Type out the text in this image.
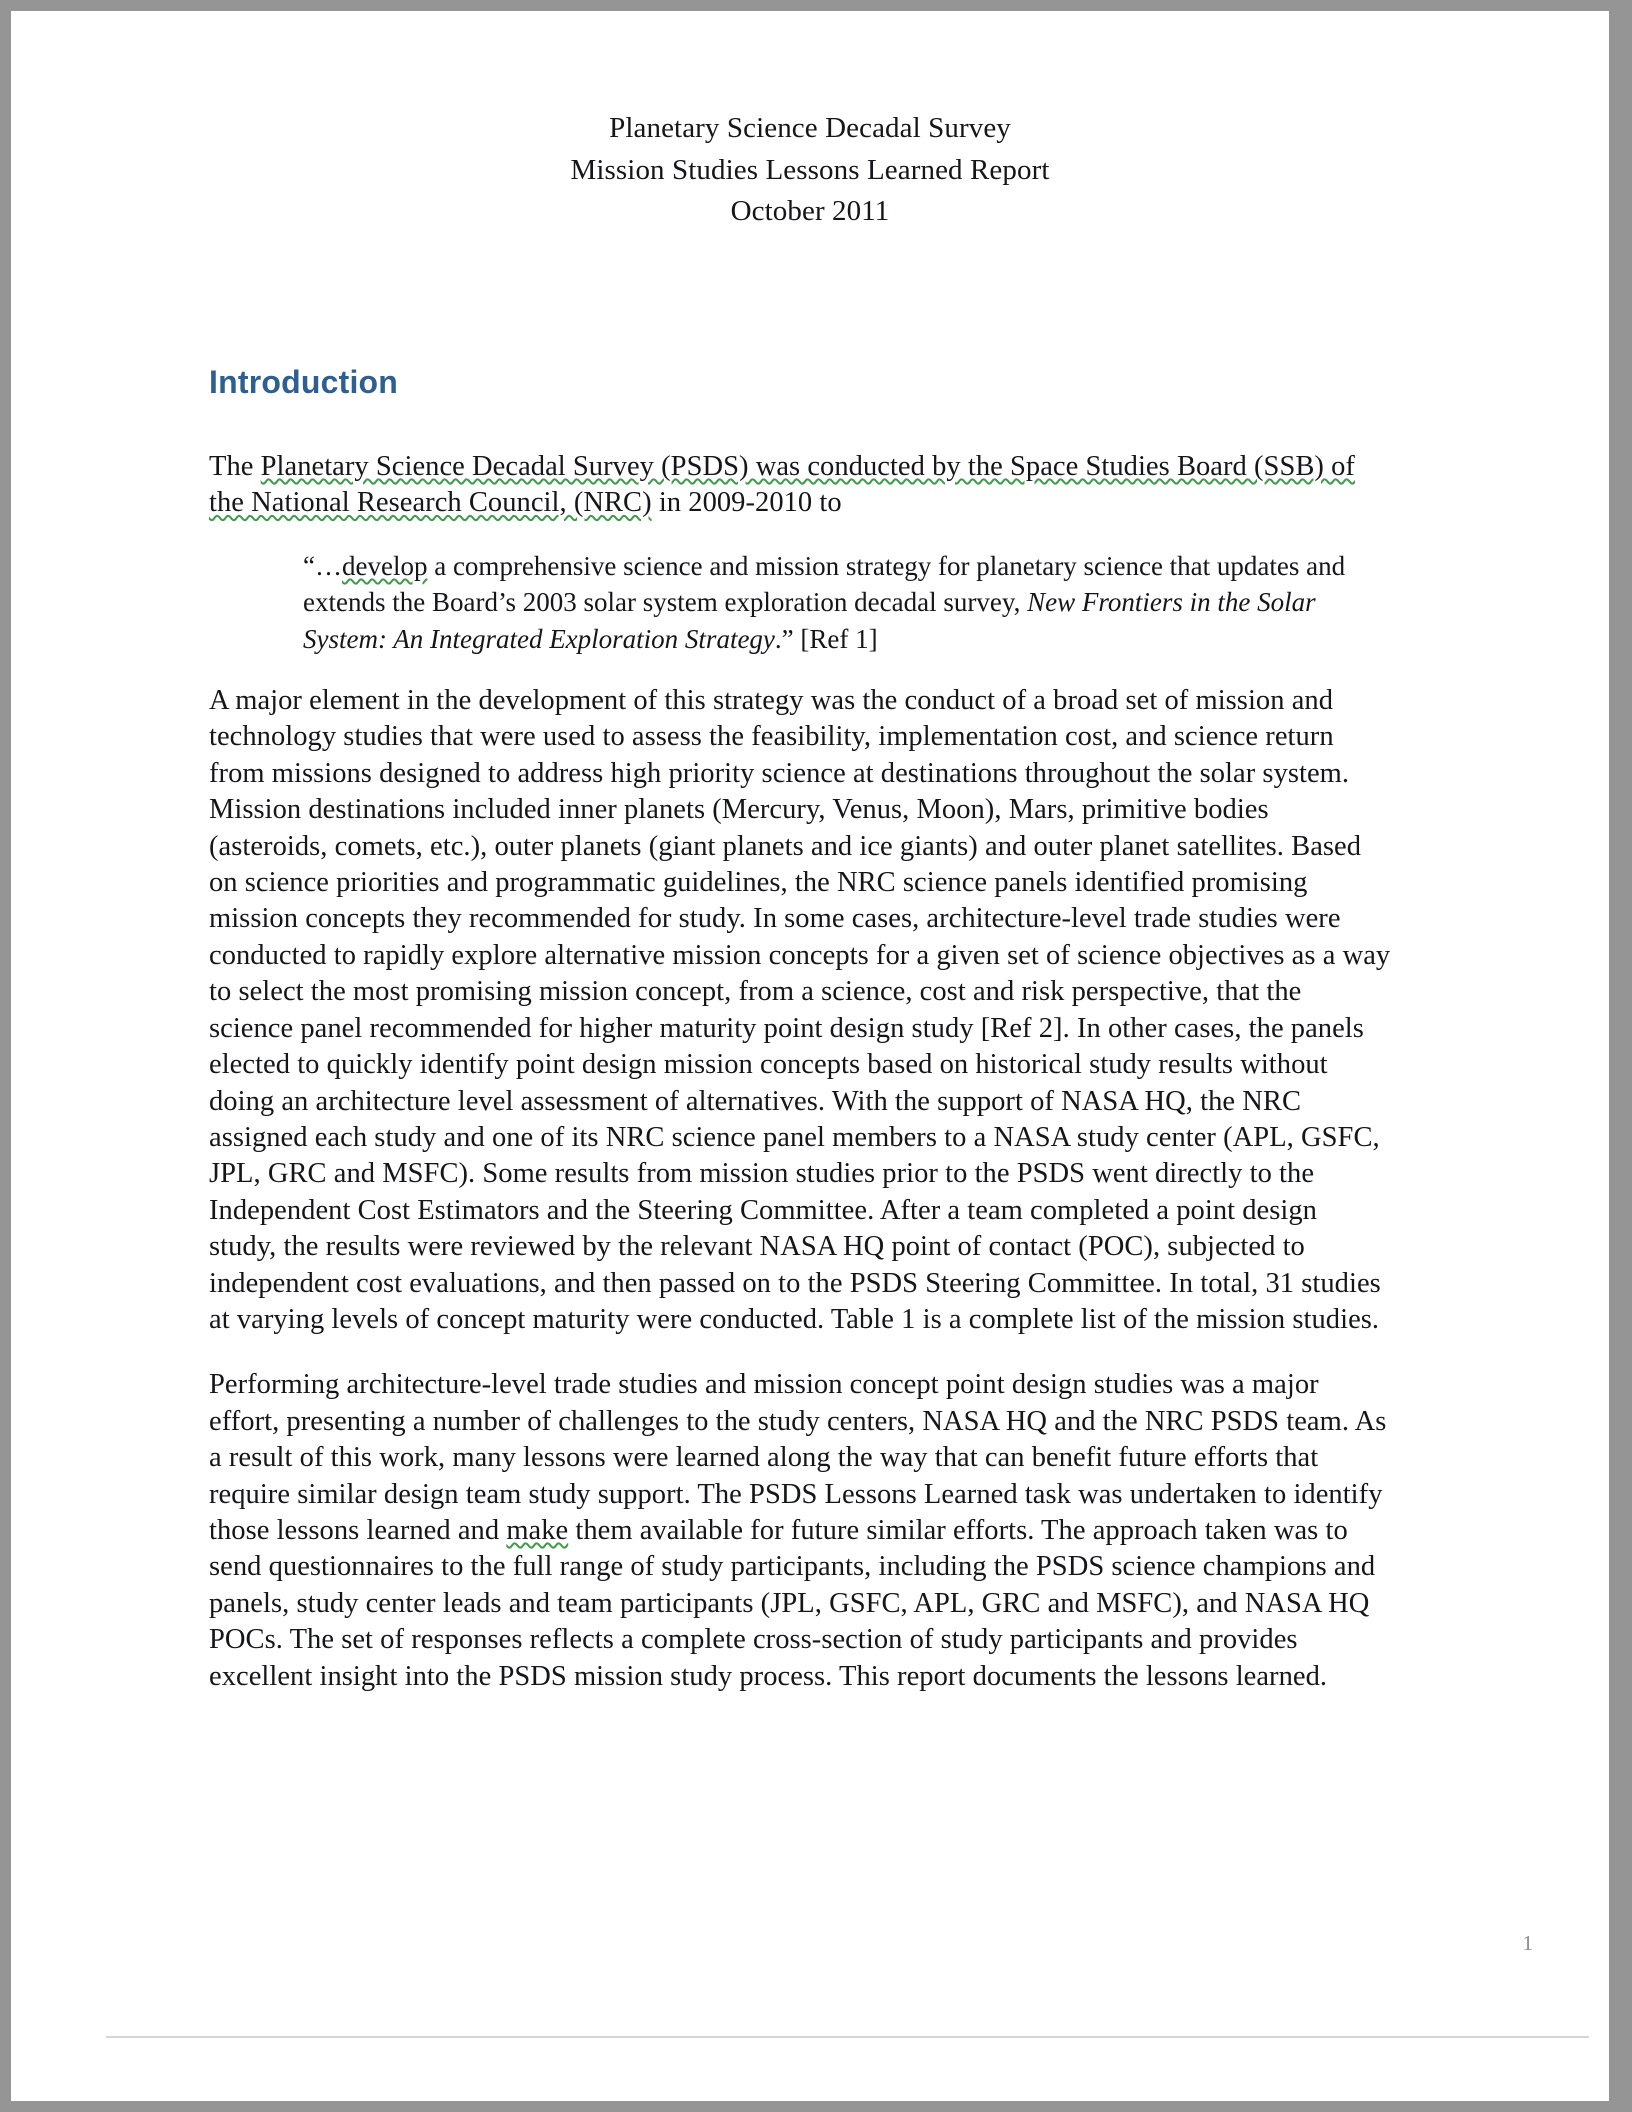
Planetary Science Decadal Survey
Mission Studies Lessons Learned Report
October 2011
Introduction

The Planetary Science Decadal Survey (PSDS) was conducted by the Space Studies Board (SSB) of the National Research Council, (NRC) in 2009-2010 to

“…develop a comprehensive science and mission strategy for planetary science that updates and extends the Board’s 2003 solar system exploration decadal survey, New Frontiers in the Solar System: An Integrated Exploration Strategy.” [Ref 1]

A major element in the development of this strategy was the conduct of a broad set of mission and technology studies that were used to assess the feasibility, implementation cost, and science return from missions designed to address high priority science at destinations throughout the solar system. Mission destinations included inner planets (Mercury, Venus, Moon), Mars, primitive bodies (asteroids, comets, etc.), outer planets (giant planets and ice giants) and outer planet satellites. Based on science priorities and programmatic guidelines, the NRC science panels identified promising mission concepts they recommended for study. In some cases, architecture-level trade studies were conducted to rapidly explore alternative mission concepts for a given set of science objectives as a way to select the most promising mission concept, from a science, cost and risk perspective, that the science panel recommended for higher maturity point design study [Ref 2]. In other cases, the panels elected to quickly identify point design mission concepts based on historical study results without doing an architecture level assessment of alternatives. With the support of NASA HQ, the NRC assigned each study and one of its NRC science panel members to a NASA study center (APL, GSFC, JPL, GRC and MSFC). Some results from mission studies prior to the PSDS went directly to the Independent Cost Estimators and the Steering Committee. After a team completed a point design study, the results were reviewed by the relevant NASA HQ point of contact (POC), subjected to independent cost evaluations, and then passed on to the PSDS Steering Committee. In total, 31 studies at varying levels of concept maturity were conducted. Table 1 is a complete list of the mission studies.

Performing architecture-level trade studies and mission concept point design studies was a major effort, presenting a number of challenges to the study centers, NASA HQ and the NRC PSDS team. As a result of this work, many lessons were learned along the way that can benefit future efforts that require similar design team study support. The PSDS Lessons Learned task was undertaken to identify those lessons learned and make them available for future similar efforts. The approach taken was to send questionnaires to the full range of study participants, including the PSDS science champions and panels, study center leads and team participants (JPL, GSFC, APL, GRC and MSFC), and NASA HQ POCs. The set of responses reflects a complete cross-section of study participants and provides excellent insight into the PSDS mission study process. This report documents the lessons learned.

1
